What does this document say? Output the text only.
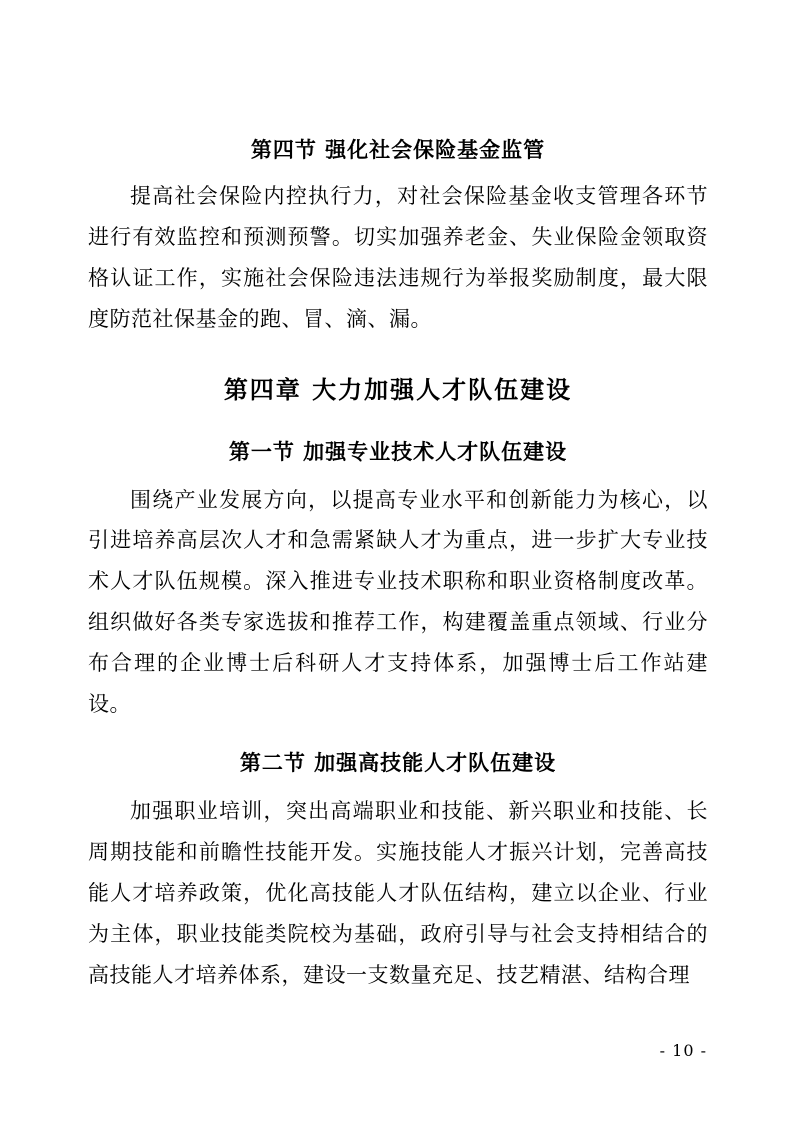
第四节 强化社会保险基金监管
提高社会保险内控执行力，对社会保险基金收支管理各环节进行有效监控和预测预警。切实加强养老金、失业保险金领取资格认证工作，实施社会保险违法违规行为举报奖励制度，最大限度防范社保基金的跑、冒、滴、漏。
第四章 大力加强人才队伍建设
第一节 加强专业技术人才队伍建设
围绕产业发展方向，以提高专业水平和创新能力为核心，以引进培养高层次人才和急需紧缺人才为重点，进一步扩大专业技术人才队伍规模。深入推进专业技术职称和职业资格制度改革。组织做好各类专家选拔和推荐工作，构建覆盖重点领域、行业分布合理的企业博士后科研人才支持体系，加强博士后工作站建设。
第二节 加强高技能人才队伍建设
加强职业培训，突出高端职业和技能、新兴职业和技能、长周期技能和前瞻性技能开发。实施技能人才振兴计划，完善高技能人才培养政策，优化高技能人才队伍结构，建立以企业、行业为主体，职业技能类院校为基础，政府引导与社会支持相结合的高技能人才培养体系，建设一支数量充足、技艺精湛、结构合理
- 10 -
